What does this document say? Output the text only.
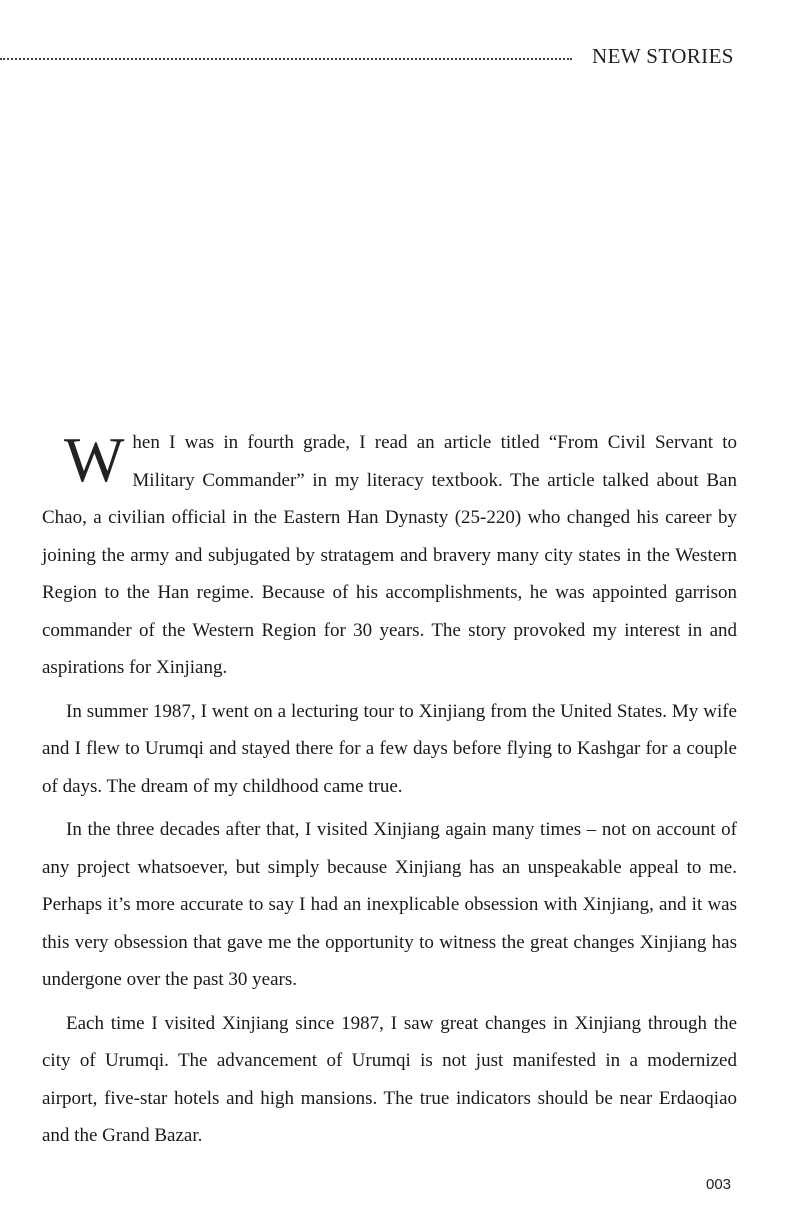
NEW STORIES

When I was in fourth grade, I read an article titled “From Civil Servant to Military Commander” in my literacy textbook. The article talked about Ban Chao, a civilian official in the Eastern Han Dynasty (25-220) who changed his career by joining the army and subjugated by stratagem and bravery many city states in the Western Region to the Han regime. Because of his accomplishments, he was appointed garrison commander of the Western Region for 30 years. The story provoked my interest in and aspirations for Xinjiang.

In summer 1987, I went on a lecturing tour to Xinjiang from the United States. My wife and I flew to Urumqi and stayed there for a few days before flying to Kashgar for a couple of days. The dream of my childhood came true.

In the three decades after that, I visited Xinjiang again many times – not on account of any project whatsoever, but simply because Xinjiang has an unspeakable appeal to me. Perhaps it’s more accurate to say I had an inexplicable obsession with Xinjiang, and it was this very obsession that gave me the opportunity to witness the great changes Xinjiang has undergone over the past 30 years.

Each time I visited Xinjiang since 1987, I saw great changes in Xinjiang through the city of Urumqi. The advancement of Urumqi is not just manifested in a modernized airport, five-star hotels and high mansions. The true indicators should be near Erdaoqiao and the Grand Bazar.

003
